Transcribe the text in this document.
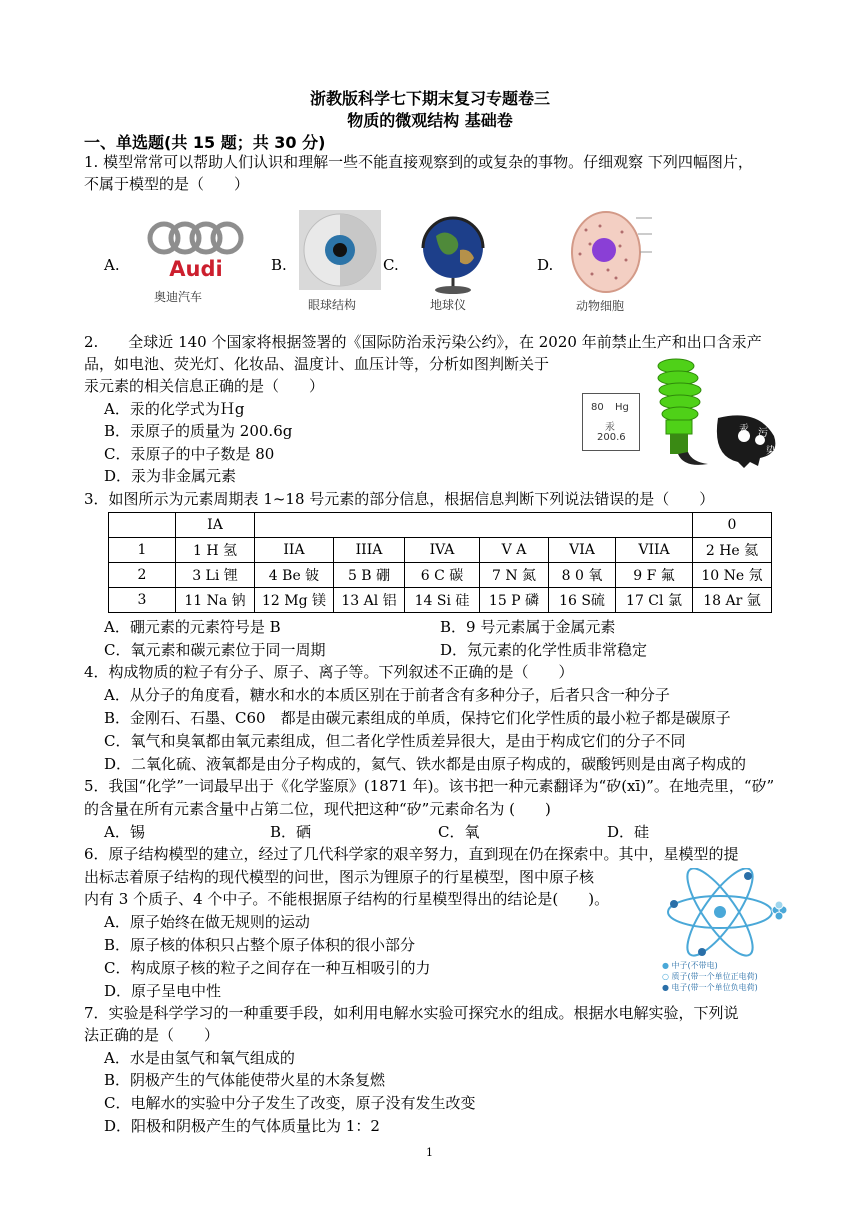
浙教版科学七下期末复习专题卷三
物质的微观结构 基础卷
一、单选题(共 15 题；共 30 分)
1. 模型常常可以帮助人们认识和理解一些不能直接观察到的或复杂的事物。仔细观察 下列四幅图片，
不属于模型的是（　　）
A. Audi
奥迪汽车
B.
眼球结构
C.
地球仪
D.
动物细胞
2.　　全球近 140 个国家将根据签署的《国际防治汞污染公约》，在 2020 年前禁止生产和出口含汞产
品，如电池、荧光灯、化妆品、温度计、血压计等，分析如图判断关于
汞元素的相关信息正确的是（　　）
A．汞的化学式为Ｈg
B．汞原子的质量为 200.6g
C．汞原子的中子数是 80
D．汞为非金属元素
80 Hg
汞
200.6
汞 污
染
3．如图所示为元素周期表 1~18 号元素的部分信息，根据信息判断下列说法错误的是（　　）
	IA							0
1	1 H 氢	IIA	IIIA	IVA	V A	VIA	VIIA	2 He 氦
2	3 Li 锂	4 Be 铍	5 B 硼	6 C 碳	7 N 氮	8 0 氧	9 F 氟	10 Ne 氖
3	11 Na 钠	12 Mg 镁	13 Al 铝	14 Si 硅	15 P 磷	16 S硫	17 Cl 氯	18 Ar 氩
A．硼元素的元素符号是 B	B．9 号元素属于金属元素
C．氧元素和碳元素位于同一周期	D．氖元素的化学性质非常稳定
4．构成物质的粒子有分子、原子、离子等。下列叙述不正确的是（　　）
A．从分子的角度看，糖水和水的本质区别在于前者含有多种分子，后者只含一种分子
B．金刚石、石墨、C60　都是由碳元素组成的单质，保持它们化学性质的最小粒子都是碳原子
C．氧气和臭氧都由氧元素组成，但二者化学性质差异很大，是由于构成它们的分子不同
D．二氧化硫、液氧都是由分子构成的，氦气、铁水都是由原子构成的，碳酸钙则是由离子构成的
5．我国“化学”一词最早出于《化学鉴原》(1871 年)。该书把一种元素翻译为“矽(xī)”。在地壳里，“矽”
的含量在所有元素含量中占第二位，现代把这种“矽”元素命名为 (　　)
A．锡	B．硒	C．氧	D．硅
6．原子结构模型的建立，经过了几代科学家的艰辛努力，直到现在仍在探索中。其中，星模型的提
出标志着原子结构的现代模型的问世，图示为锂原子的行星模型，图中原子核
内有 3 个质子、4 个中子。不能根据原子结构的行星模型得出的结论是(　　)。
A．原子始终在做无规则的运动
B．原子核的体积只占整个原子体积的很小部分
C．构成原子核的粒子之间存在一种互相吸引的力
D．原子呈电中性
● 中子(不带电)
○ 质子(带一个单位正电荷)
● 电子(带一个单位负电荷)
7．实验是科学学习的一种重要手段，如利用电解水实验可探究水的组成。根据水电解实验，下列说
法正确的是（　　）
A．水是由氢气和氧气组成的
B．阴极产生的气体能使带火星的木条复燃
C．电解水的实验中分子发生了改变，原子没有发生改变
D．阳极和阴极产生的气体质量比为 1：2
1
